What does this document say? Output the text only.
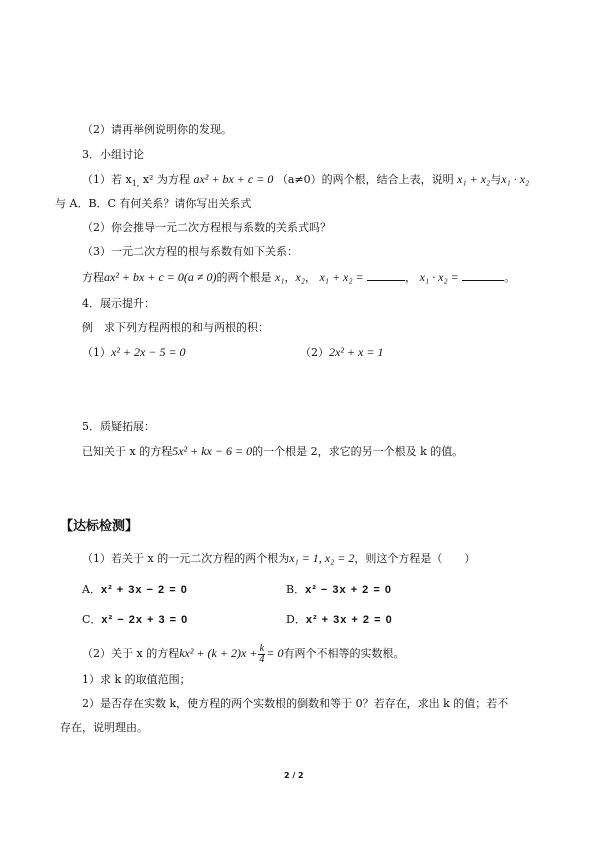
（2）请再举例说明你的发现。
3．小组讨论
（1）若 $x_{1,}$ x² 为方程 ax² + bx + c = 0 （a≠0）的两个根，结合上表，说明 x₁ + x₂与x₁ · x₂
与 A．B．C 有何关系？请你写出关系式
（2）你会推导一元二次方程根与系数的关系式吗？
（3）一元二次方程的根与系数有如下关系：
方程ax² + bx + c = 0(a ≠ 0)的两个根是 x₁，x₂， x₁ + x₂ =	， x₁ · x₂ =	。
4．展示提升：
例　求下列方程两根的和与两根的积：
（1）x² + 2x − 5 = 0	（2）2x² + x = 1
5．质疑拓展：
已知关于 x 的方程5x² + kx − 6 = 0的一个根是 2，求它的另一个根及 k 的值。
【达标检测】
（1）若关于 x 的一元二次方程的两个根为x₁ = 1, x₂ = 2，则这个方程是（　　）
A．x² + 3x − 2 = 0	B．x² − 3x + 2 = 0
C．x² − 2x + 3 = 0	D．x² + 3x + 2 = 0
（2）关于 x 的方程$kx^2 + (k + 2)x + \frac{k}{4} = 0$有两个不相等的实数根。
1）求 k 的取值范围；
2）是否存在实数 k，使方程的两个实数根的倒数和等于 0？若存在，求出 k 的值；若不
存在，说明理由。
2 / 2
